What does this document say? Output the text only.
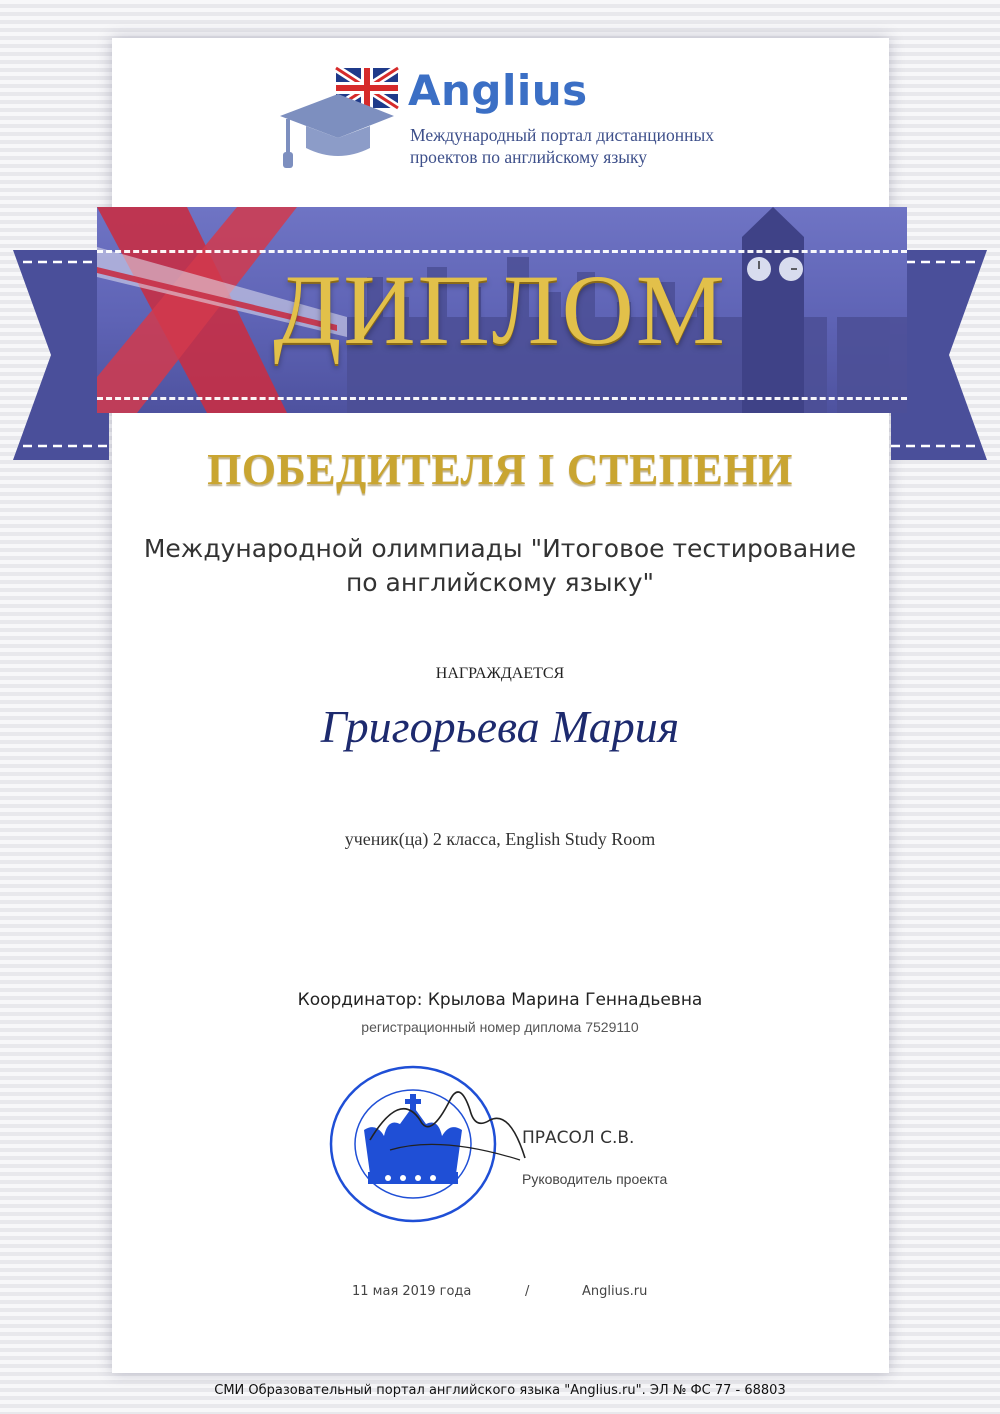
Anglius
Международный портал дистанционных
проектов по английскому языку
ДИПЛОМ
ПОБЕДИТЕЛЯ I СТЕПЕНИ
Международной олимпиады "Итоговое тестирование
по английскому языку"
НАГРАЖДАЕТСЯ
Григорьева Мария
ученик(ца) 2 класса, English Study Room
Координатор: Крылова Марина Геннадьевна
регистрационный номер диплома 7529110
ПРАСОЛ С.В.
Руководитель проекта
11 мая 2019 года	/	Anglius.ru
СМИ Образовательный портал английского языка "Anglius.ru". ЭЛ № ФС 77 - 68803
